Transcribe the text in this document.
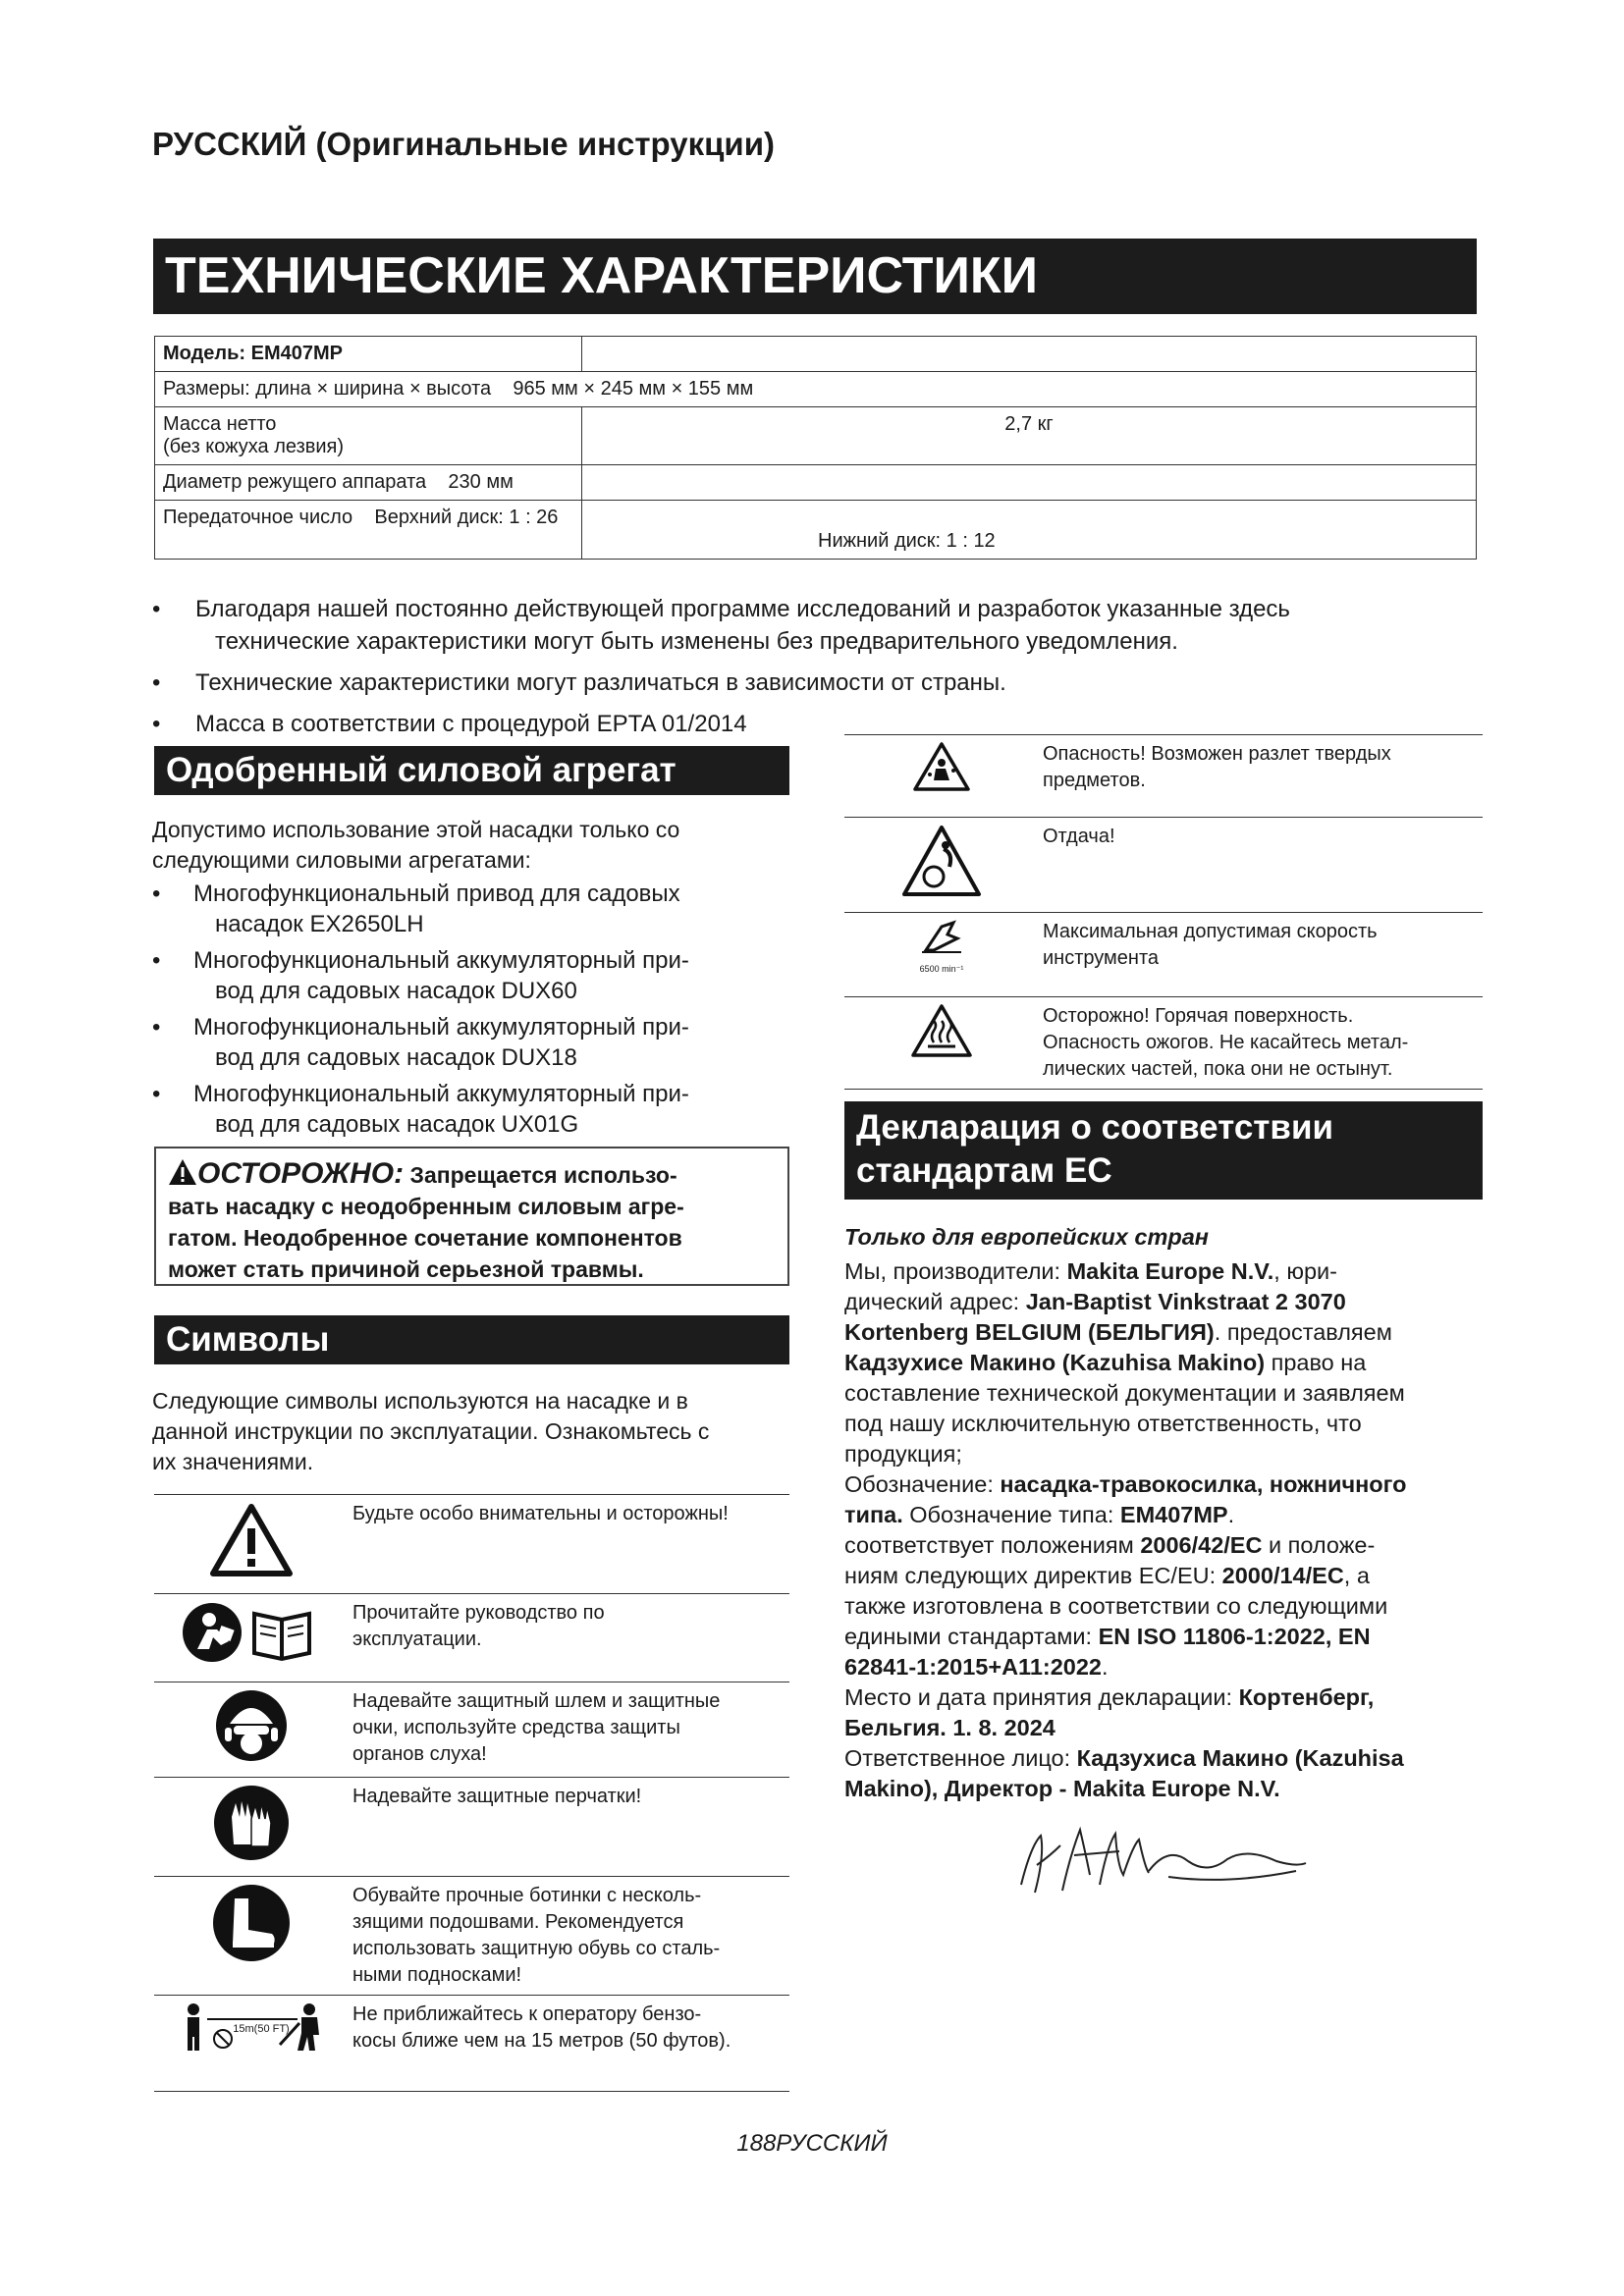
РУССКИЙ (Оригинальные инструкции)
ТЕХНИЧЕСКИЕ ХАРАКТЕРИСТИКИ
Модель: EM407MP	
Размеры: длина × ширина × высота    965 мм × 245 мм × 155 мм	

Масса нетто
(без кожуха лезвия)	2,7 кг
Диаметр режущего аппарата    230 мм	
Передаточное число    Верхний диск: 1 : 26	Нижний диск: 1 : 12
• Благодаря нашей постоянно действующей программе исследований и разработок указанные здесь
технические характеристики могут быть изменены без предварительного уведомления.
• Технические характеристики могут различаться в зависимости от страны.
• Масса в соответствии с процедурой EPTA 01/2014
Одобренный силовой агрегат
Допустимо использование этой насадки только со
следующими силовыми агрегатами:
• Многофункциональный привод для садовых
насадок EX2650LH
• Многофункциональный аккумуляторный при-
вод для садовых насадок DUX60
• Многофункциональный аккумуляторный при-
вод для садовых насадок DUX18
• Многофункциональный аккумуляторный при-
вод для садовых насадок UX01G
ОСТОРОЖНО: Запрещается использо-
вать насадку с неодобренным силовым агре-
гатом. Неодобренное сочетание компонентов
может стать причиной серьезной травмы.
Символы
Следующие символы используются на насадке и в
данной инструкции по эксплуатации. Ознакомьтесь с
их значениями.

Будьте особо внимательны и осторожны!

Прочитайте руководство по
эксплуатации.

Надевайте защитный шлем и защитные
очки, используйте средства защиты
органов слуха!

Надевайте защитные перчатки!

Обувайте прочные ботинки с несколь-
зящими подошвами. Рекомендуется
использовать защитную обувь со сталь-
ными подносками!

15m(50 FT)	Не приближайтесь к оператору бензо-
косы ближе чем на 15 метров (50 футов).

Опасность! Возможен разлет твердых
предметов.

Отдача!

6500 min⁻¹	Максимальная допустимая скорость
инструмента

Осторожно! Горячая поверхность.
Опасность ожогов. Не касайтесь метал-
лических частей, пока они не остынут.
Декларация о соответствии
стандартам ЕС
Только для европейских стран
Мы, производители: Makita Europe N.V., юри-
дический адрес: Jan-Baptist Vinkstraat 2 3070
Kortenberg BELGIUM (БЕЛЬГИЯ). предоставляем
Кадзухисе Макино (Kazuhisa Makino) право на
составление технической документации и заявляем
под нашу исключительную ответственность, что
продукция;
Обозначение: насадка-травокосилка, ножничного
типа. Обозначение типа: EM407MP.
соответствует положениям 2006/42/EC и положе-
ниям следующих директив EC/EU: 2000/14/EC, а
также изготовлена в соответствии со следующими
едиными стандартами: EN ISO 11806-1:2022, EN
62841-1:2015+A11:2022.
Место и дата принятия декларации: Кортенберг,
Бельгия. 1. 8. 2024
Ответственное лицо: Кадзухиса Макино (Kazuhisa
Makino), Директор - Makita Europe N.V.
188РУССКИЙ
